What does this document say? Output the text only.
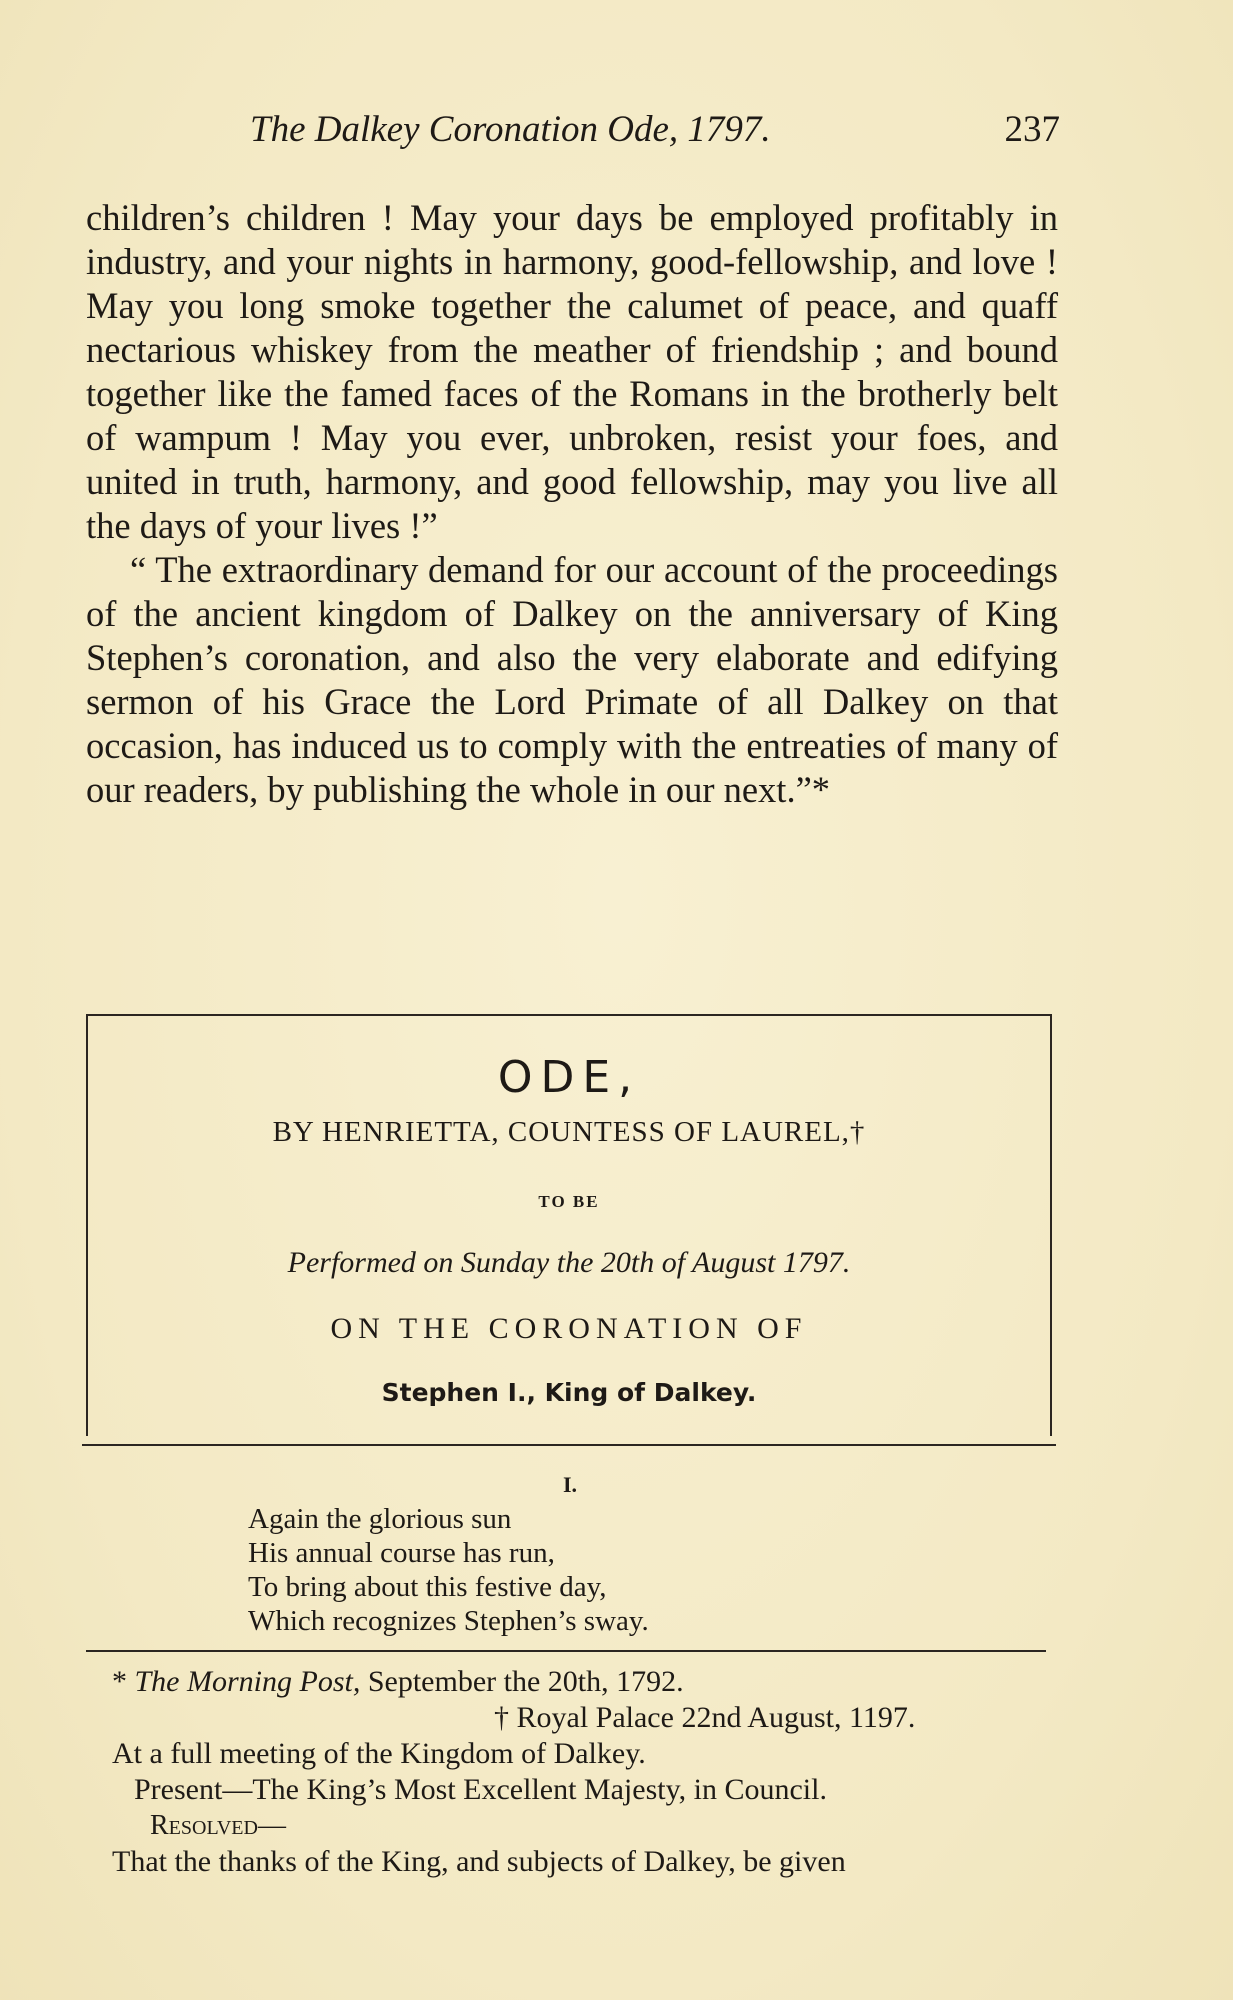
The Dalkey Coronation Ode, 1797.	237

children’s children ! May your days be employed profitably in industry, and your nights in harmony, good-fellowship, and love ! May you long smoke together the calumet of peace, and quaff nectarious whiskey from the meather of friendship ; and bound together like the famed faces of the Romans in the brotherly belt of wampum ! May you ever, unbroken, resist your foes, and united in truth, harmony, and good fellowship, may you live all the days of your lives !”

“ The extraordinary demand for our account of the proceedings of the ancient kingdom of Dalkey on the anniversary of King Stephen’s coronation, and also the very elaborate and edifying sermon of his Grace the Lord Primate of all Dalkey on that occasion, has induced us to comply with the entreaties of many of our readers, by publishing the whole in our next.”*

ODE,
BY HENRIETTA, COUNTESS OF LAUREL,†
TO BE
Performed on Sunday the 20th of August 1797.
ON THE CORONATION OF
Stephen I., King of Dalkey.
I.
Again the glorious sun
His annual course has run,
To bring about this festive day,
Which recognizes Stephen’s sway.
* The Morning Post, September the 20th, 1792.
† Royal Palace 22nd August, 1197.
At a full meeting of the Kingdom of Dalkey.
Present—The King’s Most Excellent Majesty, in Council.
Resolved—
That the thanks of the King, and subjects of Dalkey, be given
